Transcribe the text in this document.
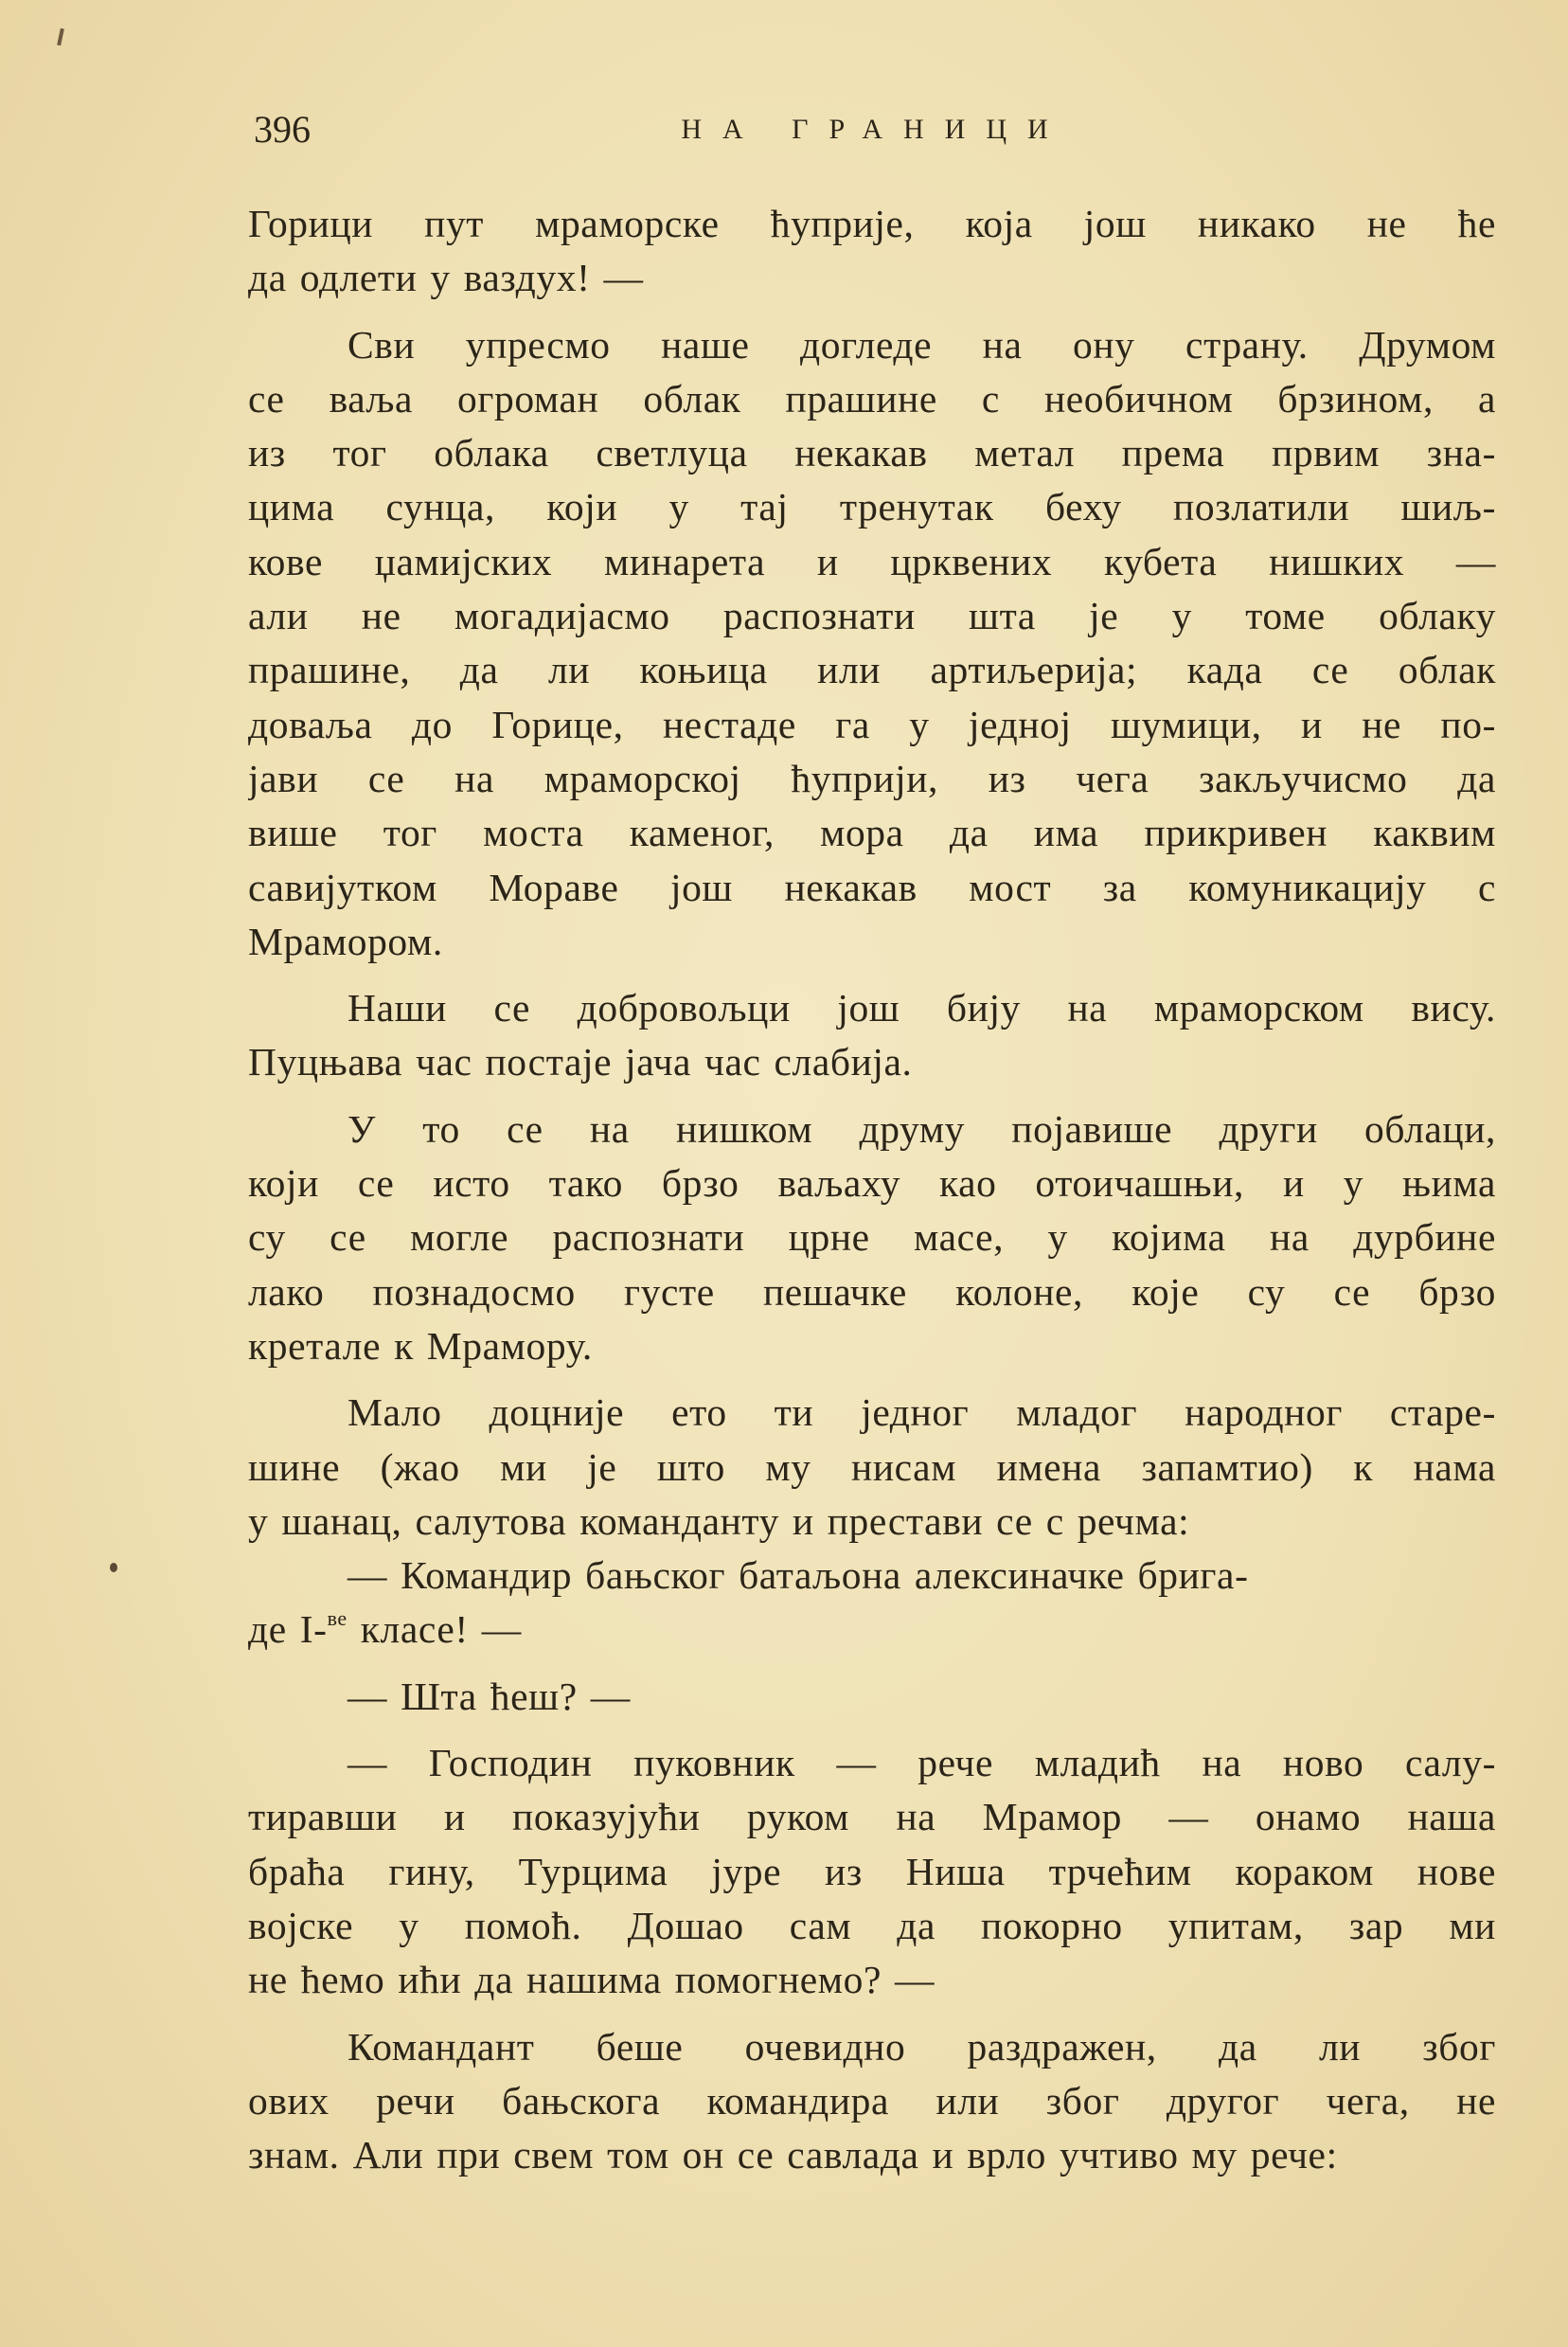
396	НА ГРАНИЦИ
Горици пут мраморске ћуприје, која још никако не ће
да одлети у ваздух! —
Сви упресмо наше догледе на ону страну. Друмом
се ваља огроман облак прашине с необичном брзином, а
из тог облака светлуца некакав метал према првим зна-
цима сунца, који у тај тренутак беху позлатили шиљ-
кове џамијских минарета и црквених кубета нишких —
али не могадијасмо распознати шта је у томе облаку
прашине, да ли коњица или артиљерија; када се облак
доваља до Горице, нестаде га у једној шумици, и не по-
јави се на мраморској ћуприји, из чега закључисмо да
више тог моста каменог, мора да има прикривен каквим
савијутком Мораве још некакав мост за комуникацију с
Мрамором.
Наши се добровољци још бију на мраморском вису.
Пуцњава час постаје јача час слабија.
У то се на нишком друму појавише други облаци,
који се исто тако брзо ваљаху као отоичашњи, и у њима
су се могле распознати црне масе, у којима на дурбине
лако познадосмо густе пешачке колоне, које су се брзо
кретале к Мрамору.
Мало доцније ето ти једног младог народног старе-
шине (жао ми је што му нисам имена запамтио) к нама
у шанац, салутова команданту и престави се с речма:
— Командир бањског батаљона алексиначке брига-
де I-$^{ве}$ класе! —
— Шта ћеш? —
— Господин пуковник — рече младић на ново салу-
тиравши и показујући руком на Мрамор — онамо наша
браћа гину, Турцима јуре из Ниша трчећим кораком нове
војске у помоћ. Дошао сам да покорно упитам, зар ми
не ћемо ићи да нашима помогнемо? —
Командант беше очевидно раздражен, да ли због
ових речи бањскога командира или због другог чега, не
знам. Али при свем том он се савлада и врло учтиво му рече:
